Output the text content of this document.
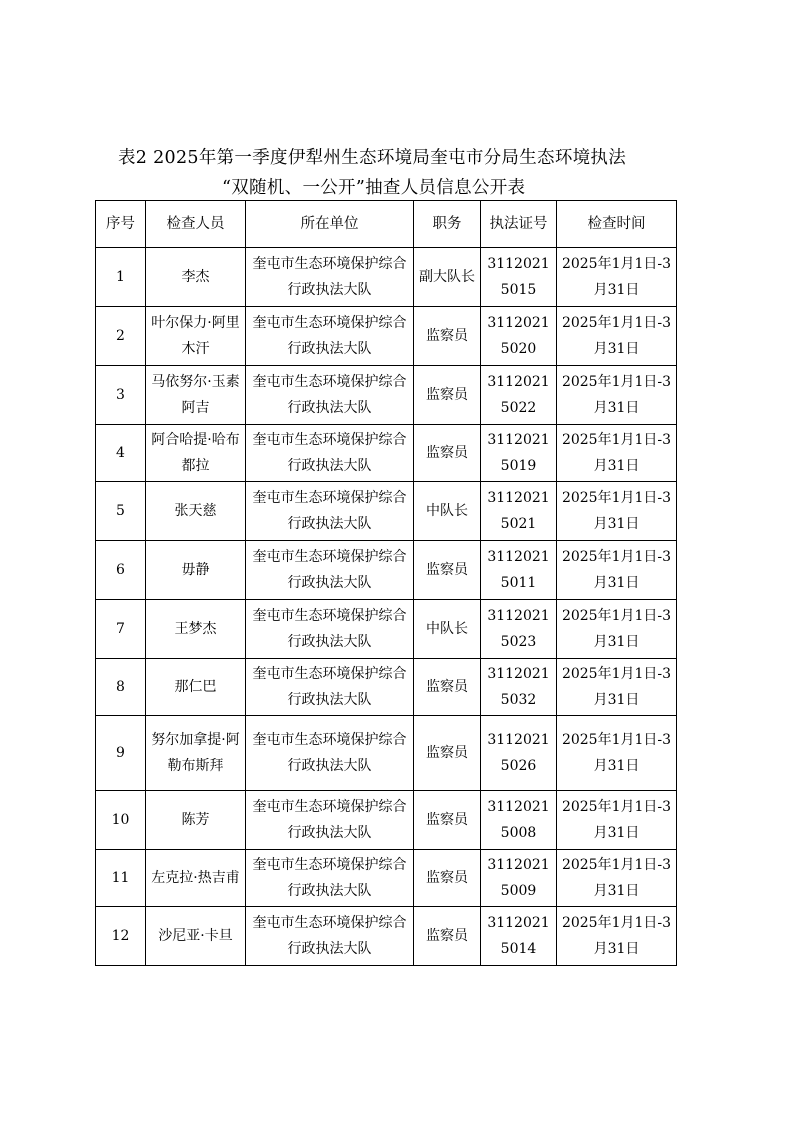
表2 2025年第一季度伊犁州生态环境局奎屯市分局生态环境执法
“双随机、一公开”抽查人员信息公开表
序号	检查人员	所在单位	职务	执法证号	检查时间
1	李杰	奎屯市生态环境保护综合行政执法大队	副大队长	31120215015	2025年1月1日-3月31日
2	叶尔保力·阿里木汗	奎屯市生态环境保护综合行政执法大队	监察员	31120215020	2025年1月1日-3月31日
3	马依努尔·玉素阿吉	奎屯市生态环境保护综合行政执法大队	监察员	31120215022	2025年1月1日-3月31日
4	阿合哈提·哈布都拉	奎屯市生态环境保护综合行政执法大队	监察员	31120215019	2025年1月1日-3月31日
5	张天慈	奎屯市生态环境保护综合行政执法大队	中队长	31120215021	2025年1月1日-3月31日
6	毋静	奎屯市生态环境保护综合行政执法大队	监察员	31120215011	2025年1月1日-3月31日
7	王梦杰	奎屯市生态环境保护综合行政执法大队	中队长	31120215023	2025年1月1日-3月31日
8	那仁巴	奎屯市生态环境保护综合行政执法大队	监察员	31120215032	2025年1月1日-3月31日
9	努尔加拿提·阿勒布斯拜	奎屯市生态环境保护综合行政执法大队	监察员	31120215026	2025年1月1日-3月31日
10	陈芳	奎屯市生态环境保护综合行政执法大队	监察员	31120215008	2025年1月1日-3月31日
11	左克拉·热吉甫	奎屯市生态环境保护综合行政执法大队	监察员	31120215009	2025年1月1日-3月31日
12	沙尼亚·卡旦	奎屯市生态环境保护综合行政执法大队	监察员	31120215014	2025年1月1日-3月31日
